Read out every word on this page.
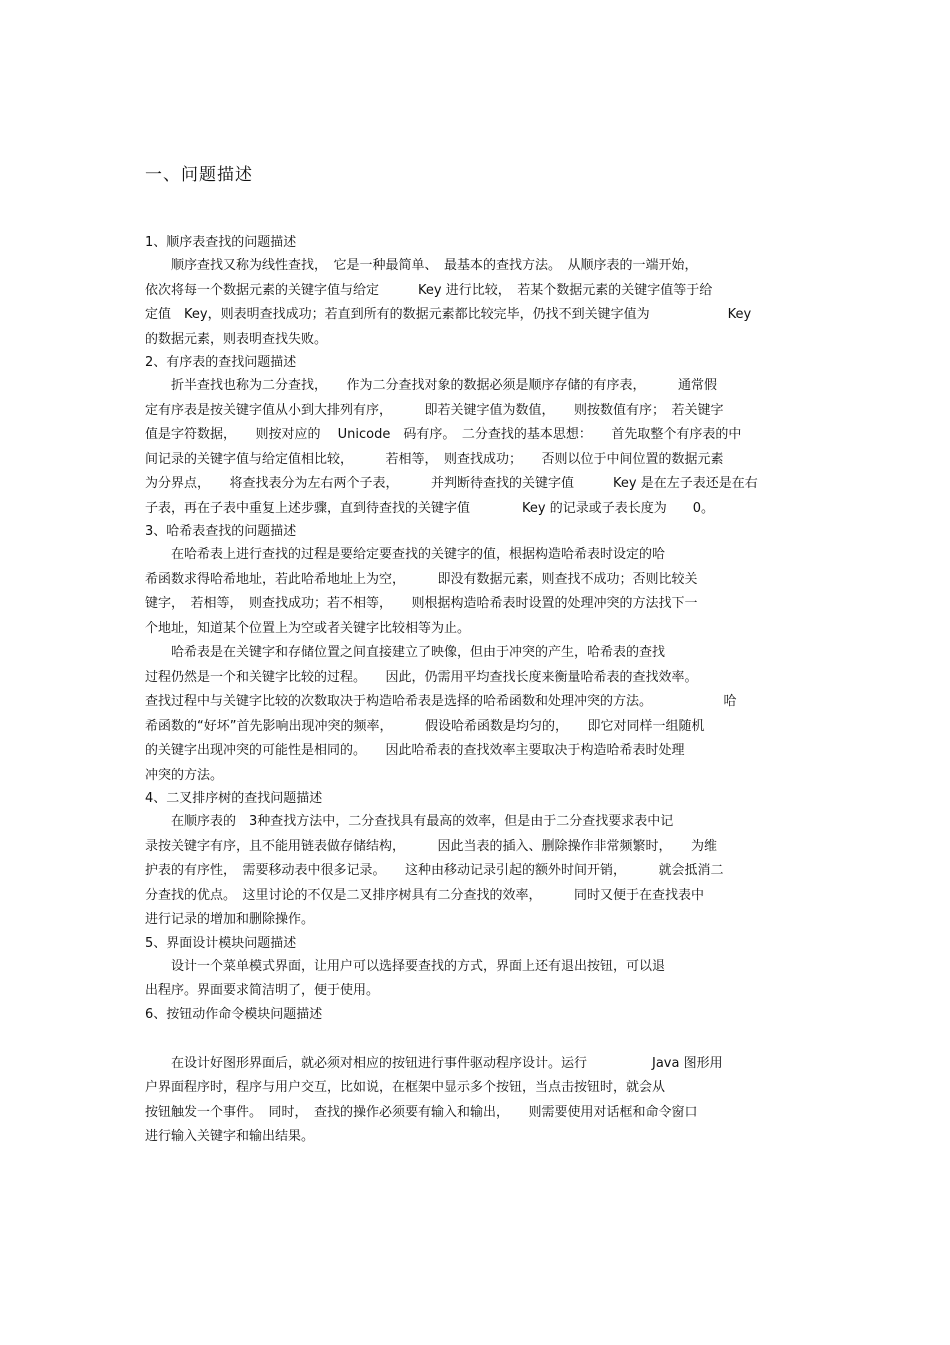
一、问题描述

1、顺序表查找的问题描述

　　顺序查找又称为线性查找，　它是一种最简单、　最基本的查找方法。　从顺序表的一端开始，

依次将每一个数据元素的关键字值与给定　　　Key 进行比较，　若某个数据元素的关键字值等于给

定值　Key，则表明查找成功；若直到所有的数据元素都比较完毕，仍找不到关键字值为　　　　　　Key

的数据元素，则表明查找失败。

2、有序表的查找问题描述

　　折半查找也称为二分查找，　　作为二分查找对象的数据必须是顺序存储的有序表，　　　通常假

定有序表是按关键字值从小到大排列有序，　　　即若关键字值为数值，　　则按数值有序；　若关键字

值是字符数据，　　则按对应的　 Unicode　码有序。　二分查找的基本思想：　　首先取整个有序表的中

间记录的关键字值与给定值相比较，　　　若相等，　则查找成功；　　否则以位于中间位置的数据元素

为分界点，　　将查找表分为左右两个子表，　　　并判断待查找的关键字值　　　Key 是在左子表还是在右

子表，再在子表中重复上述步骤，直到待查找的关键字值　　　　Key 的记录或子表长度为　　0。

3、哈希表查找的问题描述

　　在哈希表上进行查找的过程是要给定要查找的关键字的值，根据构造哈希表时设定的哈

希函数求得哈希地址，若此哈希地址上为空，　　　即没有数据元素，则查找不成功；否则比较关

键字，　若相等，　则查找成功；若不相等，　　则根据构造哈希表时设置的处理冲突的方法找下一

个地址，知道某个位置上为空或者关键字比较相等为止。

　　哈希表是在关键字和存储位置之间直接建立了映像，但由于冲突的产生，哈希表的查找

过程仍然是一个和关键字比较的过程。　　因此，仍需用平均查找长度来衡量哈希表的查找效率。

查找过程中与关键字比较的次数取决于构造哈希表是选择的哈希函数和处理冲突的方法。　　　　　　哈

希函数的“好坏”首先影响出现冲突的频率，　　　假设哈希函数是均匀的，　　即它对同样一组随机

的关键字出现冲突的可能性是相同的。　　因此哈希表的查找效率主要取决于构造哈希表时处理

冲突的方法。

4、二叉排序树的查找问题描述

　　在顺序表的　3种查找方法中，二分查找具有最高的效率，但是由于二分查找要求表中记

录按关键字有序，且不能用链表做存储结构，　　　因此当表的插入、删除操作非常频繁时，　　为维

护表的有序性，　需要移动表中很多记录。　　这种由移动记录引起的额外时间开销，　　　就会抵消二

分查找的优点。　这里讨论的不仅是二叉排序树具有二分查找的效率，　　　同时又便于在查找表中

进行记录的增加和删除操作。

5、界面设计模块问题描述

　　设计一个菜单模式界面，让用户可以选择要查找的方式，界面上还有退出按钮，可以退

出程序。界面要求简洁明了，便于使用。

6、按钮动作命令模块问题描述

　　在设计好图形界面后，就必须对相应的按钮进行事件驱动程序设计。运行　　　　　Java 图形用

户界面程序时，程序与用户交互，比如说，在框架中显示多个按钮，当点击按钮时，就会从

按钮触发一个事件。　同时，　查找的操作必须要有输入和输出，　　则需要使用对话框和命令窗口

进行输入关键字和输出结果。
